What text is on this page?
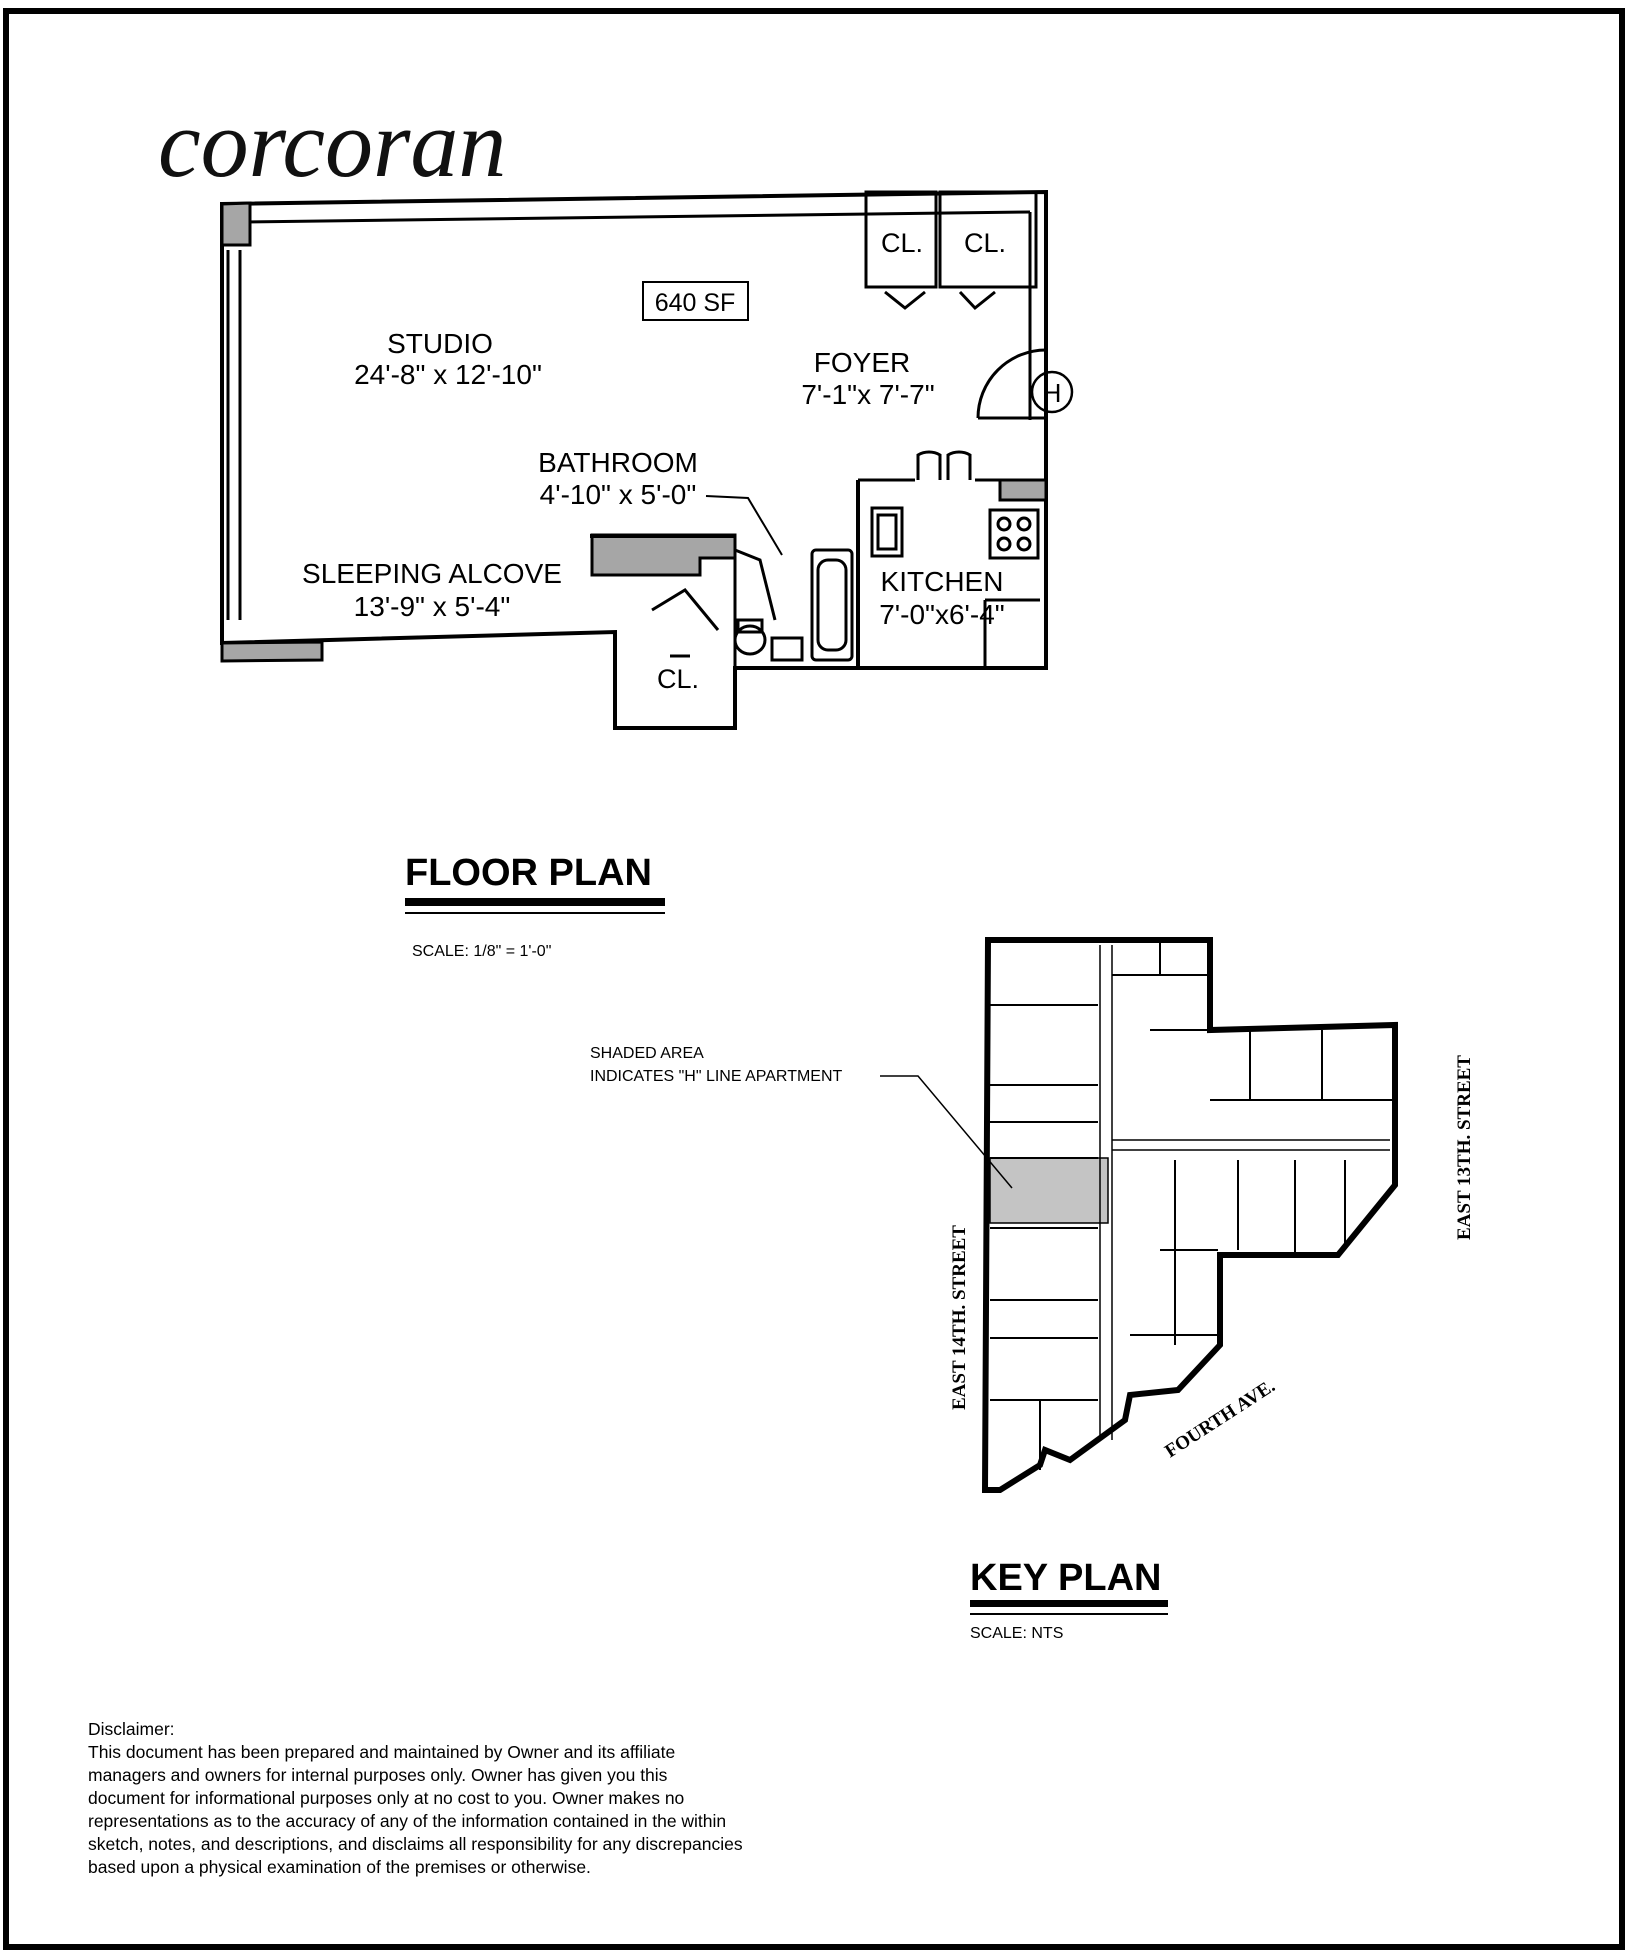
corcoran
640 SF
CL. CL.
CL.
H
STUDIO
24'-8" x 12'-10"	FOYER
7'-1"x 7'-7"
BATHROOM
4'-10" x 5'-0"
SLEEPING ALCOVE
13'-9" x 5'-4"
KITCHEN
7'-0"x6'-4"
FLOOR PLAN
SCALE: 1/8" = 1'-0"
SHADED AREA
INDICATES "H" LINE APARTMENT
EAST 14TH. STREET
EAST 13TH. STREET
FOURTH AVE.
KEY PLAN
SCALE: NTS
Disclaimer:
This document has been prepared and maintained by Owner and its affiliate managers and owners for internal purposes only. Owner has given you this document for informational purposes only at no cost to you. Owner makes no representations as to the accuracy of any of the information contained in the within sketch, notes, and descriptions, and disclaims all responsibility for any discrepancies based upon a physical examination of the premises or otherwise.
